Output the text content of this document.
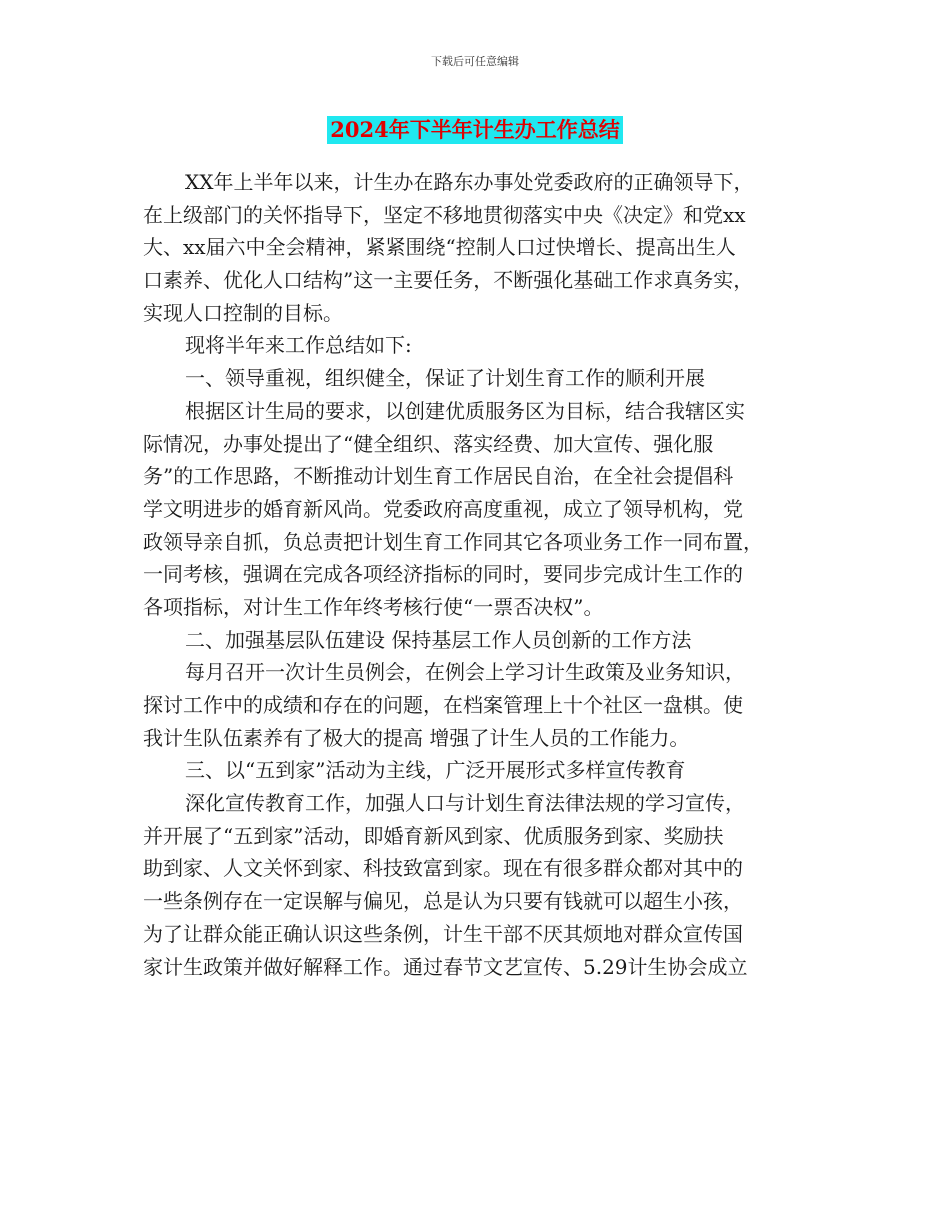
下载后可任意编辑
2024年下半年计生办工作总结
XX年上半年以来，计生办在路东办事处党委政府的正确领导下，
在上级部门的关怀指导下，坚定不移地贯彻落实中央《决定》和党xx
大、xx届六中全会精神，紧紧围绕“控制人口过快增长、提高出生人
口素养、优化人口结构”这一主要任务，不断强化基础工作求真务实，
实现人口控制的目标。
现将半年来工作总结如下:
一、领导重视，组织健全，保证了计划生育工作的顺利开展
根据区计生局的要求，以创建优质服务区为目标，结合我辖区实
际情况，办事处提出了“健全组织、落实经费、加大宣传、强化服
务”的工作思路，不断推动计划生育工作居民自治，在全社会提倡科
学文明进步的婚育新风尚。党委政府高度重视，成立了领导机构，党
政领导亲自抓，负总责把计划生育工作同其它各项业务工作一同布置，
一同考核，强调在完成各项经济指标的同时，要同步完成计生工作的
各项指标，对计生工作年终考核行使“一票否决权”。
二、加强基层队伍建设 保持基层工作人员创新的工作方法
每月召开一次计生员例会，在例会上学习计生政策及业务知识，
探讨工作中的成绩和存在的问题，在档案管理上十个社区一盘棋。使
我计生队伍素养有了极大的提高 增强了计生人员的工作能力。
三、以“五到家”活动为主线，广泛开展形式多样宣传教育
深化宣传教育工作，加强人口与计划生育法律法规的学习宣传，
并开展了“五到家”活动，即婚育新风到家、优质服务到家、奖励扶
助到家、人文关怀到家、科技致富到家。现在有很多群众都对其中的
一些条例存在一定误解与偏见，总是认为只要有钱就可以超生小孩，
为了让群众能正确认识这些条例，计生干部不厌其烦地对群众宣传国
家计生政策并做好解释工作。通过春节文艺宣传、5.29计生协会成立
